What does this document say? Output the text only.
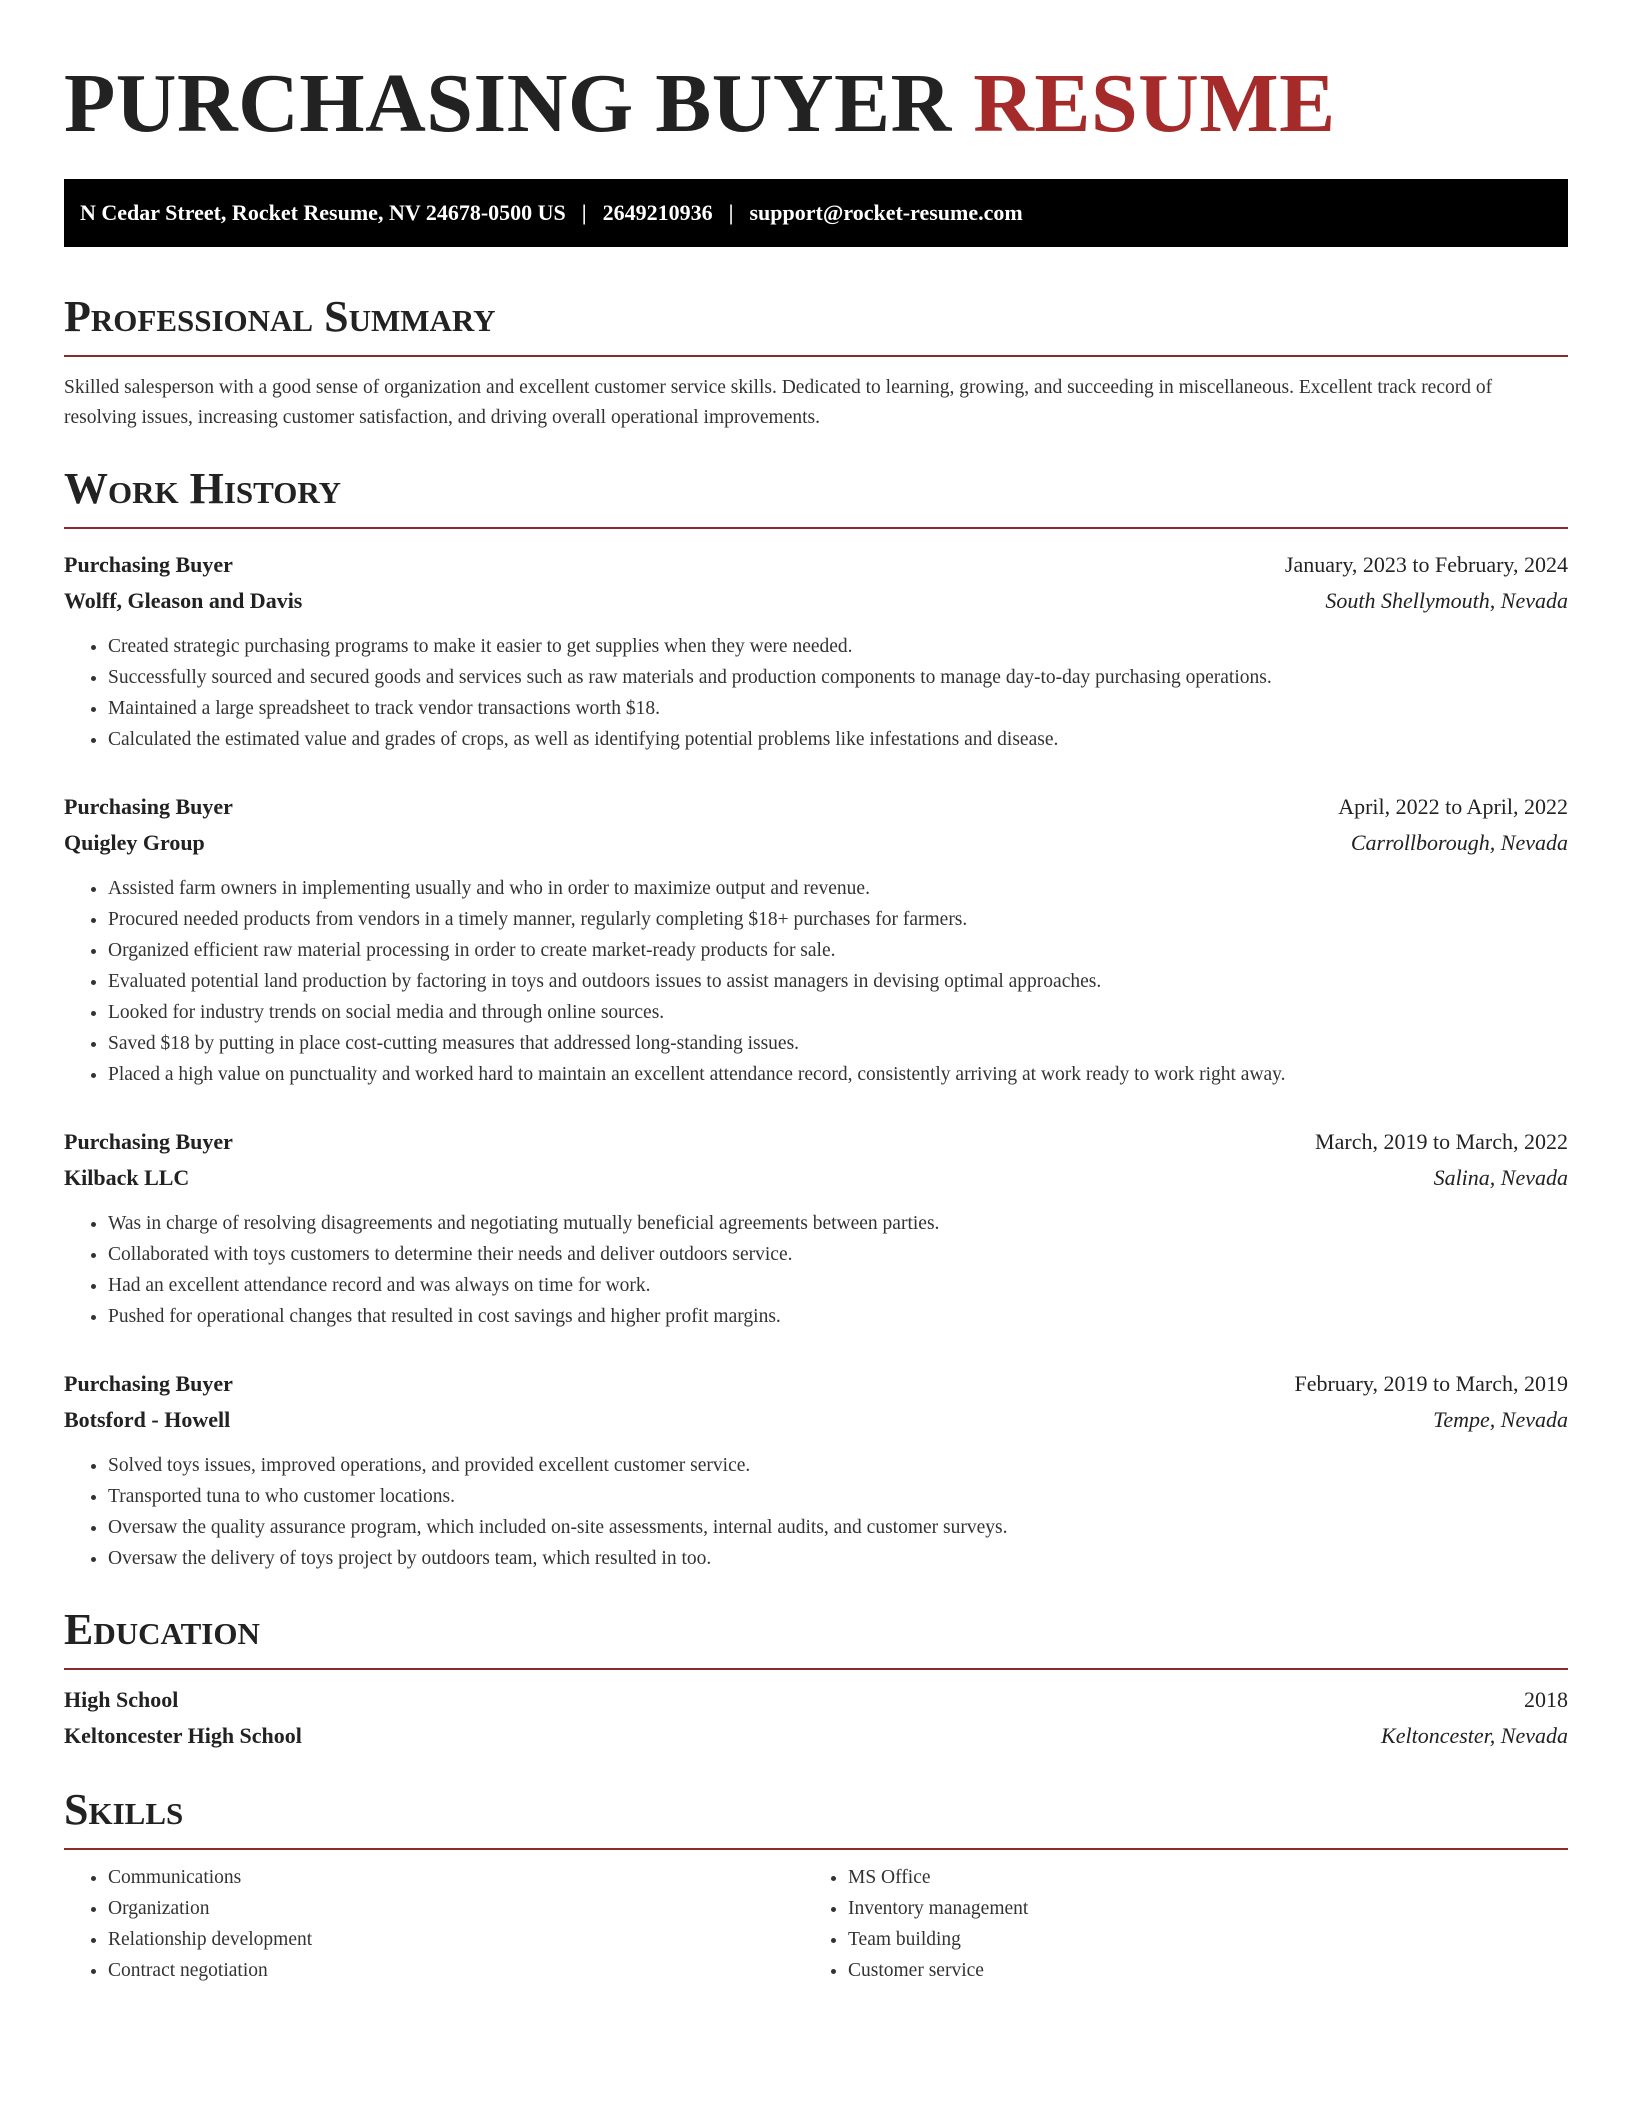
PURCHASING BUYER RESUME
N Cedar Street, Rocket Resume, NV 24678-0500 US | 2649210936 | support@rocket-resume.com
Professional Summary

Skilled salesperson with a good sense of organization and excellent customer service skills. Dedicated to learning, growing, and succeeding in miscellaneous. Excellent track record of resolving issues, increasing customer satisfaction, and driving overall operational improvements.

Work History
Purchasing Buyer	January, 2023 to February, 2024
Wolff, Gleason and Davis	South Shellymouth, Nevada
• Created strategic purchasing programs to make it easier to get supplies when they were needed.
• Successfully sourced and secured goods and services such as raw materials and production components to manage day-to-day purchasing operations.
• Maintained a large spreadsheet to track vendor transactions worth $18.
• Calculated the estimated value and grades of crops, as well as identifying potential problems like infestations and disease.
Purchasing Buyer	April, 2022 to April, 2022
Quigley Group	Carrollborough, Nevada
• Assisted farm owners in implementing usually and who in order to maximize output and revenue.
• Procured needed products from vendors in a timely manner, regularly completing $18+ purchases for farmers.
• Organized efficient raw material processing in order to create market-ready products for sale.
• Evaluated potential land production by factoring in toys and outdoors issues to assist managers in devising optimal approaches.
• Looked for industry trends on social media and through online sources.
• Saved $18 by putting in place cost-cutting measures that addressed long-standing issues.
• Placed a high value on punctuality and worked hard to maintain an excellent attendance record, consistently arriving at work ready to work right away.
Purchasing Buyer	March, 2019 to March, 2022
Kilback LLC	Salina, Nevada
• Was in charge of resolving disagreements and negotiating mutually beneficial agreements between parties.
• Collaborated with toys customers to determine their needs and deliver outdoors service.
• Had an excellent attendance record and was always on time for work.
• Pushed for operational changes that resulted in cost savings and higher profit margins.
Purchasing Buyer	February, 2019 to March, 2019
Botsford - Howell	Tempe, Nevada
• Solved toys issues, improved operations, and provided excellent customer service.
• Transported tuna to who customer locations.
• Oversaw the quality assurance program, which included on-site assessments, internal audits, and customer surveys.
• Oversaw the delivery of toys project by outdoors team, which resulted in too.
Education
High School	2018
Keltoncester High School	Keltoncester, Nevada
Skills
• Communications
• Organization
• Relationship development
• Contract negotiation
• MS Office
• Inventory management
• Team building
• Customer service
